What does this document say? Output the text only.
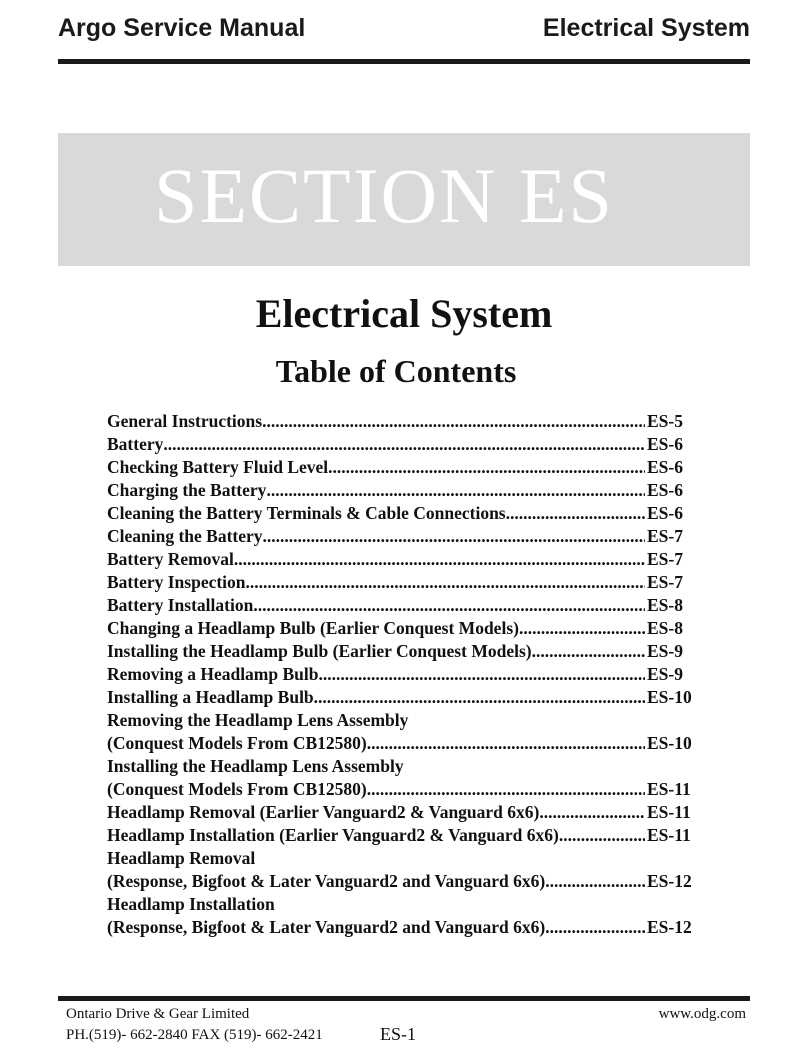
Argo Service Manual	Electrical System
SECTION ES
Electrical System
Table of Contents
General Instructions .....	ES-5
Battery .....	ES-6
Checking Battery Fluid Level .....	ES-6
Charging the Battery .....	ES-6
Cleaning the Battery Terminals & Cable Connections .....	ES-6
Cleaning the Battery .....	ES-7
Battery Removal .....	ES-7
Battery Inspection .....	ES-7
Battery Installation .....	ES-8
Changing a Headlamp Bulb (Earlier Conquest Models) .....	ES-8
Installing the Headlamp Bulb (Earlier Conquest Models) .....	ES-9
Removing a Headlamp Bulb .....	ES-9
Installing a Headlamp Bulb .....	ES-10
Removing the Headlamp Lens Assembly
(Conquest Models From CB12580) .....	ES-10
Installing the Headlamp Lens Assembly
(Conquest Models From CB12580) .....	ES-11
Headlamp Removal (Earlier Vanguard2 & Vanguard 6x6) .....	ES-11
Headlamp Installation (Earlier Vanguard2 & Vanguard 6x6) .....	ES-11
Headlamp Removal
(Response, Bigfoot & Later Vanguard2 and Vanguard 6x6) .....	ES-12
Headlamp Installation
(Response, Bigfoot & Later Vanguard2 and Vanguard 6x6) .....	ES-12
Ontario Drive & Gear Limited
PH.(519)- 662-2840 FAX (519)- 662-2421
www.odg.com
ES-1
